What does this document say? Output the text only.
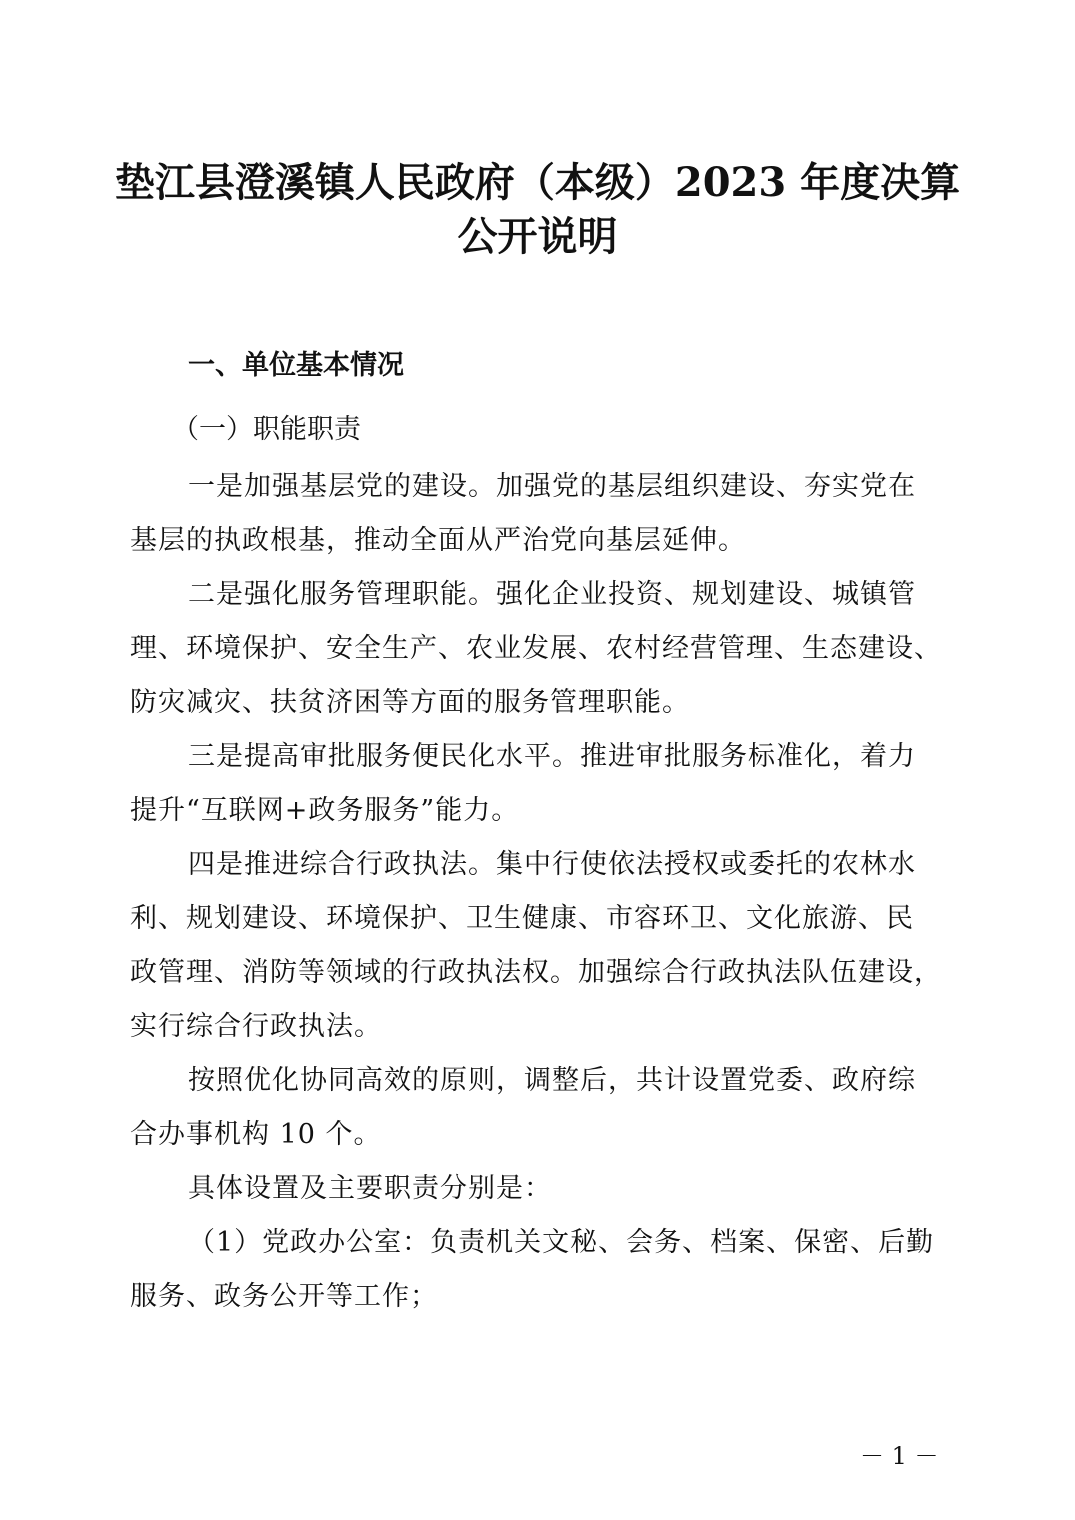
垫江县澄溪镇人民政府（本级）2023 年度决算
公开说明
一、单位基本情况
（一）职能职责
一是加强基层党的建设。加强党的基层组织建设、夯实党在
基层的执政根基，推动全面从严治党向基层延伸。
二是强化服务管理职能。强化企业投资、规划建设、城镇管
理、环境保护、安全生产、农业发展、农村经营管理、生态建设、
防灾减灾、扶贫济困等方面的服务管理职能。
三是提高审批服务便民化水平。推进审批服务标准化，着力
提升“互联网+政务服务”能力。
四是推进综合行政执法。集中行使依法授权或委托的农林水
利、规划建设、环境保护、卫生健康、市容环卫、文化旅游、民
政管理、消防等领域的行政执法权。加强综合行政执法队伍建设，
实行综合行政执法。
按照优化协同高效的原则，调整后，共计设置党委、政府综
合办事机构 10 个。
具体设置及主要职责分别是：
（1）党政办公室：负责机关文秘、会务、档案、保密、后勤
服务、政务公开等工作；
－ 1 －
